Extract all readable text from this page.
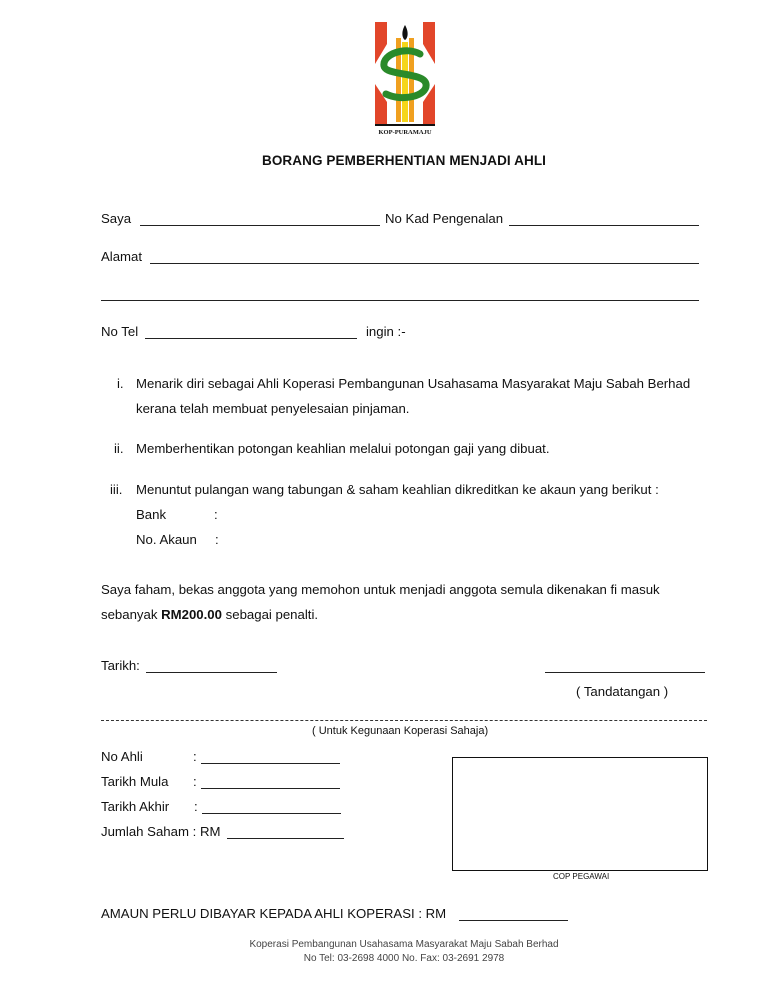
KOP-PURAMAJU
BORANG PEMBERHENTIAN MENJADI AHLI
Saya	No Kad Pengenalan
Alamat
No Tel	ingin :-
i. Menarik diri sebagai Ahli Koperasi Pembangunan Usahasama Masyarakat Maju Sabah Berhad
kerana telah membuat penyelesaian pinjaman.
ii. Memberhentikan potongan keahlian melalui potongan gaji yang dibuat.
iii. Menuntut pulangan wang tabungan & saham keahlian dikreditkan ke akaun yang berikut :
Bank	:
No. Akaun :
Saya faham, bekas anggota yang memohon untuk menjadi anggota semula dikenakan fi masuk
sebanyak RM200.00 sebagai penalti.
Tarikh:
( Tandatangan )
( Untuk Kegunaan Koperasi Sahaja)
No Ahli	:
Tarikh Mula :
Tarikh Akhir :
Jumlah Saham : RM
COP PEGAWAI
AMAUN PERLU DIBAYAR KEPADA AHLI KOPERASI : RM
Koperasi Pembangunan Usahasama Masyarakat Maju Sabah Berhad
No Tel: 03-2698 4000 No. Fax: 03-2691 2978
